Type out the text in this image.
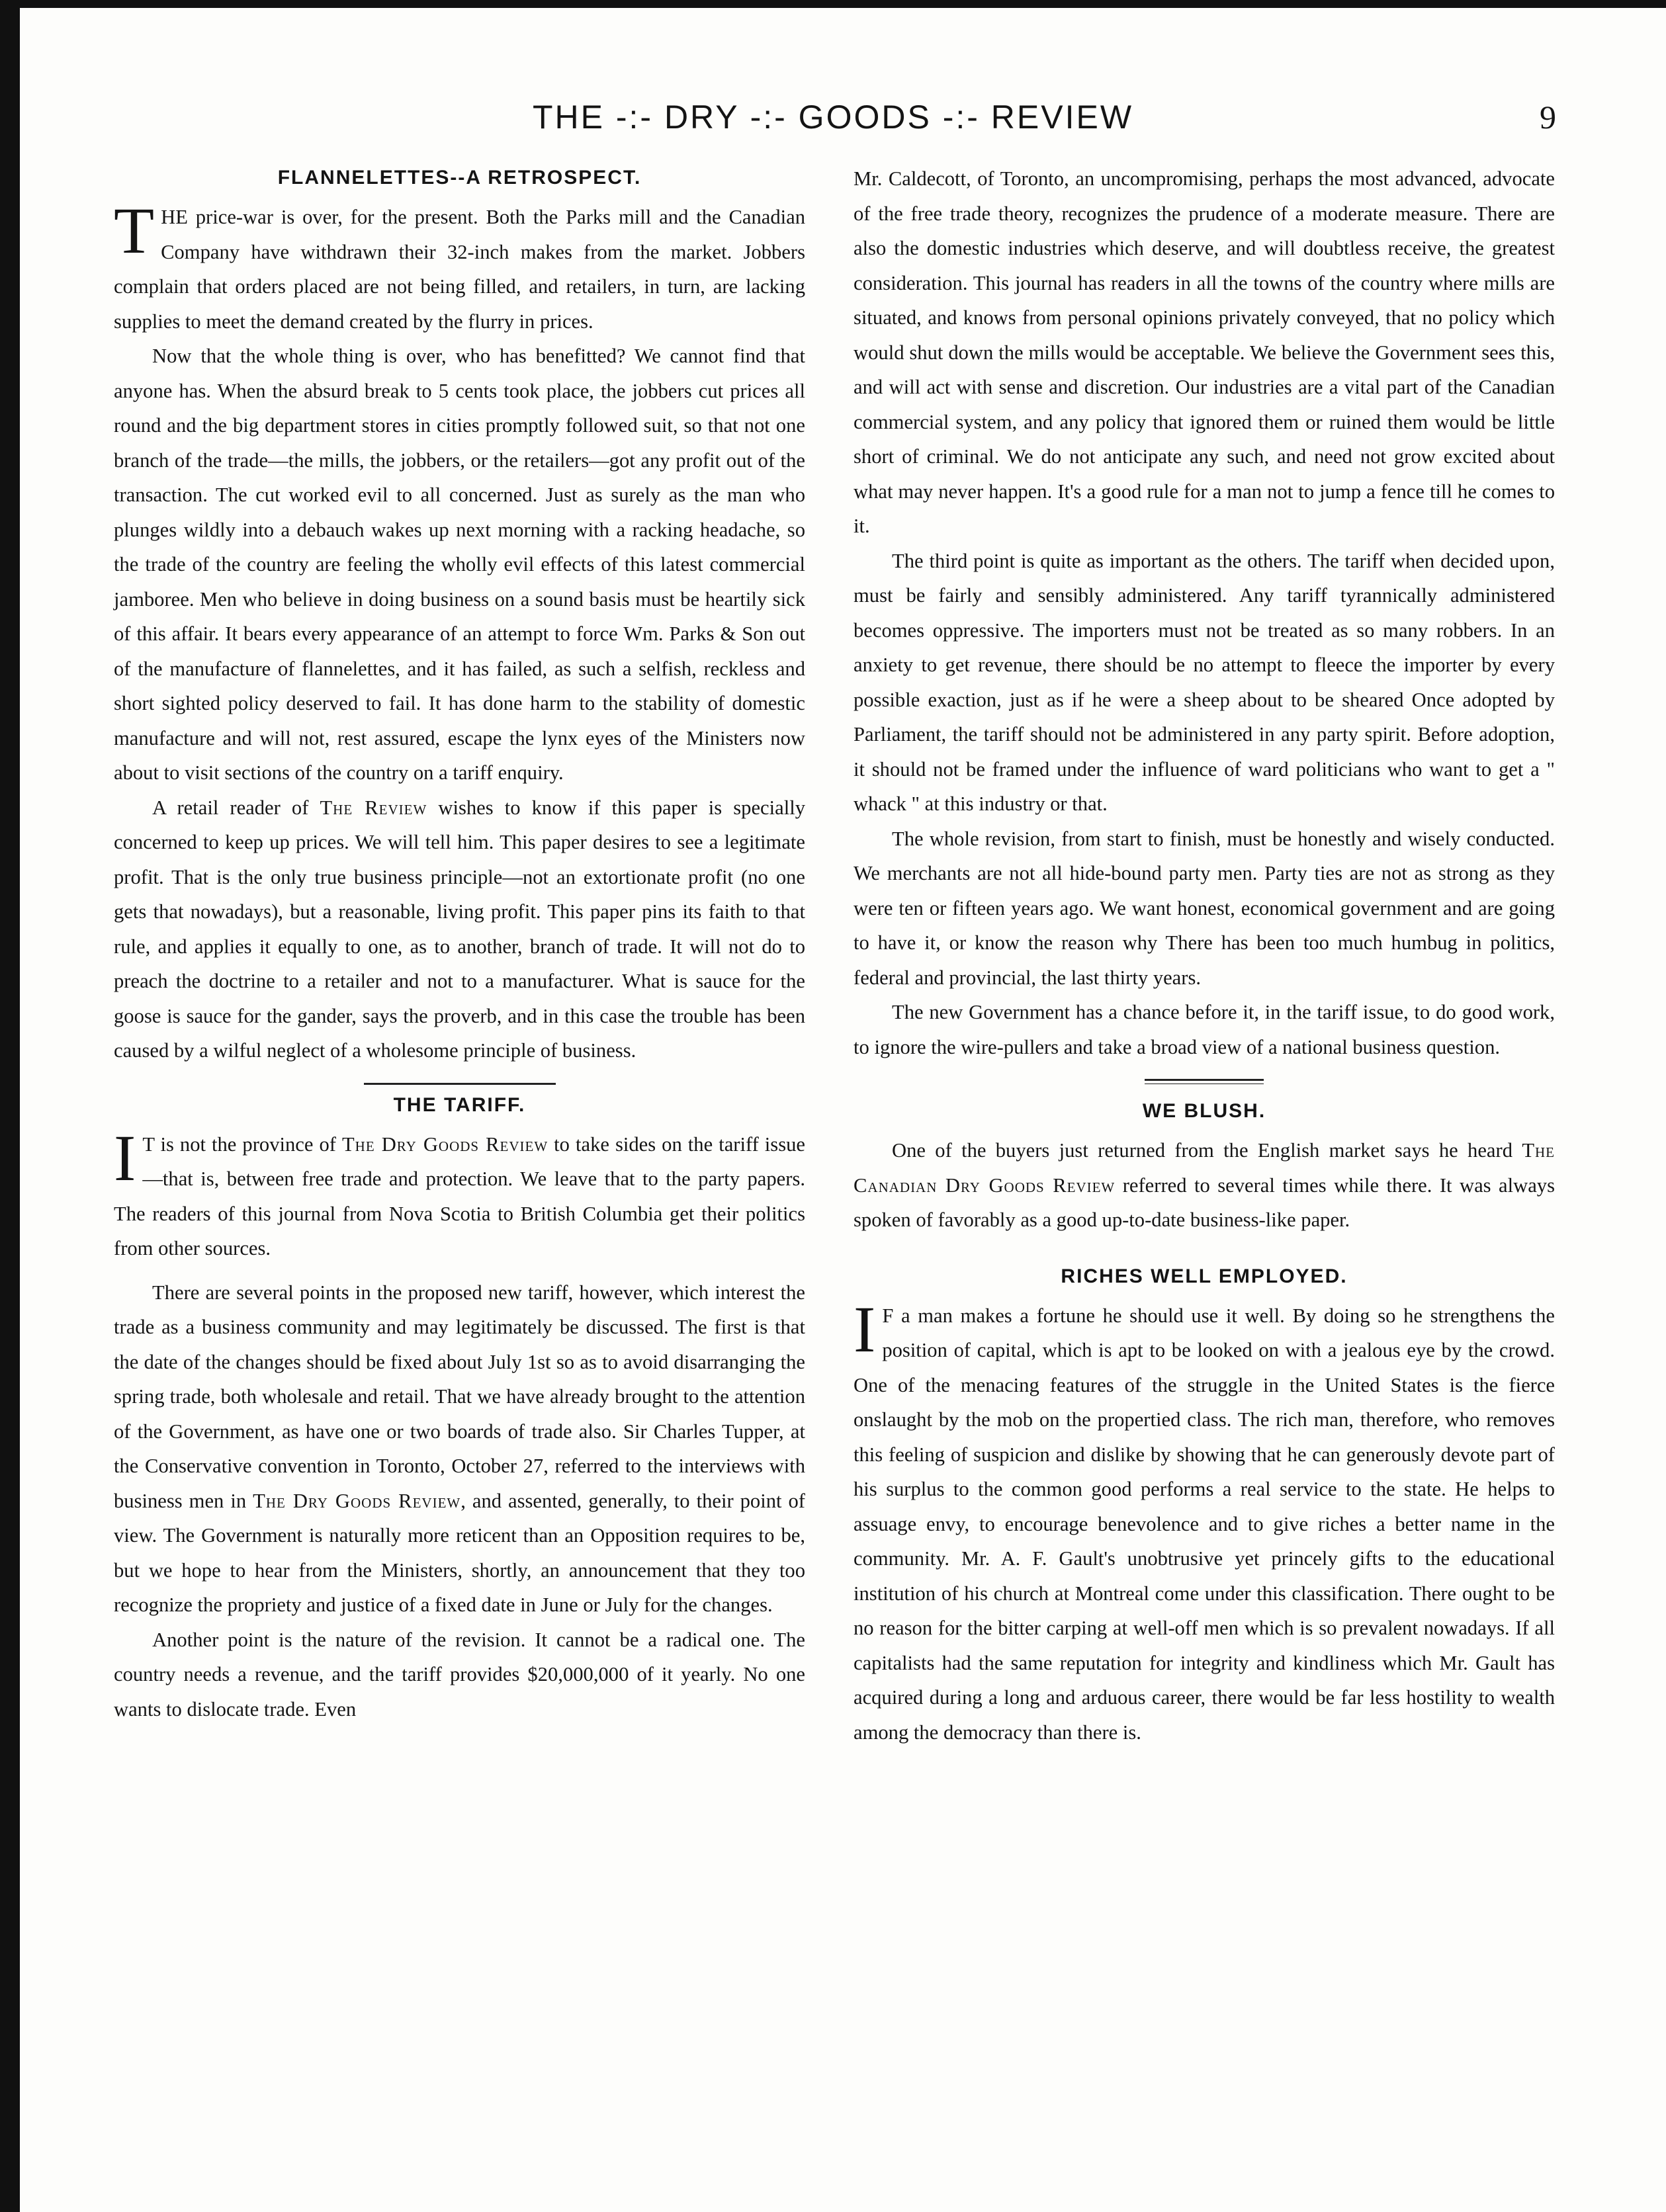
THE -:- DRY -:- GOODS -:- REVIEW	9
FLANNELETTES--A RETROSPECT.

THE price-war is over, for the present. Both the Parks mill and the Canadian Company have withdrawn their 32-inch makes from the market. Jobbers complain that orders placed are not being filled, and retailers, in turn, are lacking supplies to meet the demand created by the flurry in prices.

Now that the whole thing is over, who has benefitted? We cannot find that anyone has. When the absurd break to 5 cents took place, the jobbers cut prices all round and the big department stores in cities promptly followed suit, so that not one branch of the trade—the mills, the jobbers, or the retailers—got any profit out of the transaction. The cut worked evil to all concerned. Just as surely as the man who plunges wildly into a debauch wakes up next morning with a racking headache, so the trade of the country are feeling the wholly evil effects of this latest commercial jamboree. Men who believe in doing business on a sound basis must be heartily sick of this affair. It bears every appearance of an attempt to force Wm. Parks & Son out of the manufacture of flannelettes, and it has failed, as such a selfish, reckless and short sighted policy deserved to fail. It has done harm to the stability of domestic manufacture and will not, rest assured, escape the lynx eyes of the Ministers now about to visit sections of the country on a tariff enquiry.

A retail reader of The Review wishes to know if this paper is specially concerned to keep up prices. We will tell him. This paper desires to see a legitimate profit. That is the only true business principle—not an extortionate profit (no one gets that nowadays), but a reasonable, living profit. This paper pins its faith to that rule, and applies it equally to one, as to another, branch of trade. It will not do to preach the doctrine to a retailer and not to a manufacturer. What is sauce for the goose is sauce for the gander, says the proverb, and in this case the trouble has been caused by a wilful neglect of a wholesome principle of business.

THE TARIFF.

I T is not the province of The Dry Goods Review to take sides on the tariff issue—that is, between free trade and protection. We leave that to the party papers. The readers of this journal from Nova Scotia to British Columbia get their politics from other sources.

There are several points in the proposed new tariff, however, which interest the trade as a business community and may legitimately be discussed. The first is that the date of the changes should be fixed about July 1st so as to avoid disarranging the spring trade, both wholesale and retail. That we have already brought to the attention of the Government, as have one or two boards of trade also. Sir Charles Tupper, at the Conservative convention in Toronto, October 27, referred to the interviews with business men in The Dry Goods Review, and assented, generally, to their point of view. The Government is naturally more reticent than an Opposition requires to be, but we hope to hear from the Ministers, shortly, an announcement that they too recognize the propriety and justice of a fixed date in June or July for the changes.

Another point is the nature of the revision. It cannot be a radical one. The country needs a revenue, and the tariff provides $20,000,000 of it yearly. No one wants to dislocate trade. Even

Mr. Caldecott, of Toronto, an uncompromising, perhaps the most advanced, advocate of the free trade theory, recognizes the prudence of a moderate measure. There are also the domestic industries which deserve, and will doubtless receive, the greatest consideration. This journal has readers in all the towns of the country where mills are situated, and knows from personal opinions privately conveyed, that no policy which would shut down the mills would be acceptable. We believe the Government sees this, and will act with sense and discretion. Our industries are a vital part of the Canadian commercial system, and any policy that ignored them or ruined them would be little short of criminal. We do not anticipate any such, and need not grow excited about what may never happen. It's a good rule for a man not to jump a fence till he comes to it.

The third point is quite as important as the others. The tariff when decided upon, must be fairly and sensibly administered. Any tariff tyrannically administered becomes oppressive. The importers must not be treated as so many robbers. In an anxiety to get revenue, there should be no attempt to fleece the importer by every possible exaction, just as if he were a sheep about to be sheared Once adopted by Parliament, the tariff should not be administered in any party spirit. Before adoption, it should not be framed under the influence of ward politicians who want to get a " whack " at this industry or that.

The whole revision, from start to finish, must be honestly and wisely conducted. We merchants are not all hide-bound party men. Party ties are not as strong as they were ten or fifteen years ago. We want honest, economical government and are going to have it, or know the reason why There has been too much humbug in politics, federal and provincial, the last thirty years.

The new Government has a chance before it, in the tariff issue, to do good work, to ignore the wire-pullers and take a broad view of a national business question.

WE BLUSH.

One of the buyers just returned from the English market says he heard The Canadian Dry Goods Review referred to several times while there. It was always spoken of favorably as a good up-to-date business-like paper.

RICHES WELL EMPLOYED.

I F a man makes a fortune he should use it well. By doing so he strengthens the position of capital, which is apt to be looked on with a jealous eye by the crowd. One of the menacing features of the struggle in the United States is the fierce onslaught by the mob on the propertied class. The rich man, therefore, who removes this feeling of suspicion and dislike by showing that he can generously devote part of his surplus to the common good performs a real service to the state. He helps to assuage envy, to encourage benevolence and to give riches a better name in the community. Mr. A. F. Gault's unobtrusive yet princely gifts to the educational institution of his church at Montreal come under this classification. There ought to be no reason for the bitter carping at well-off men which is so prevalent nowadays. If all capitalists had the same reputation for integrity and kindliness which Mr. Gault has acquired during a long and arduous career, there would be far less hostility to wealth among the democracy than there is.
